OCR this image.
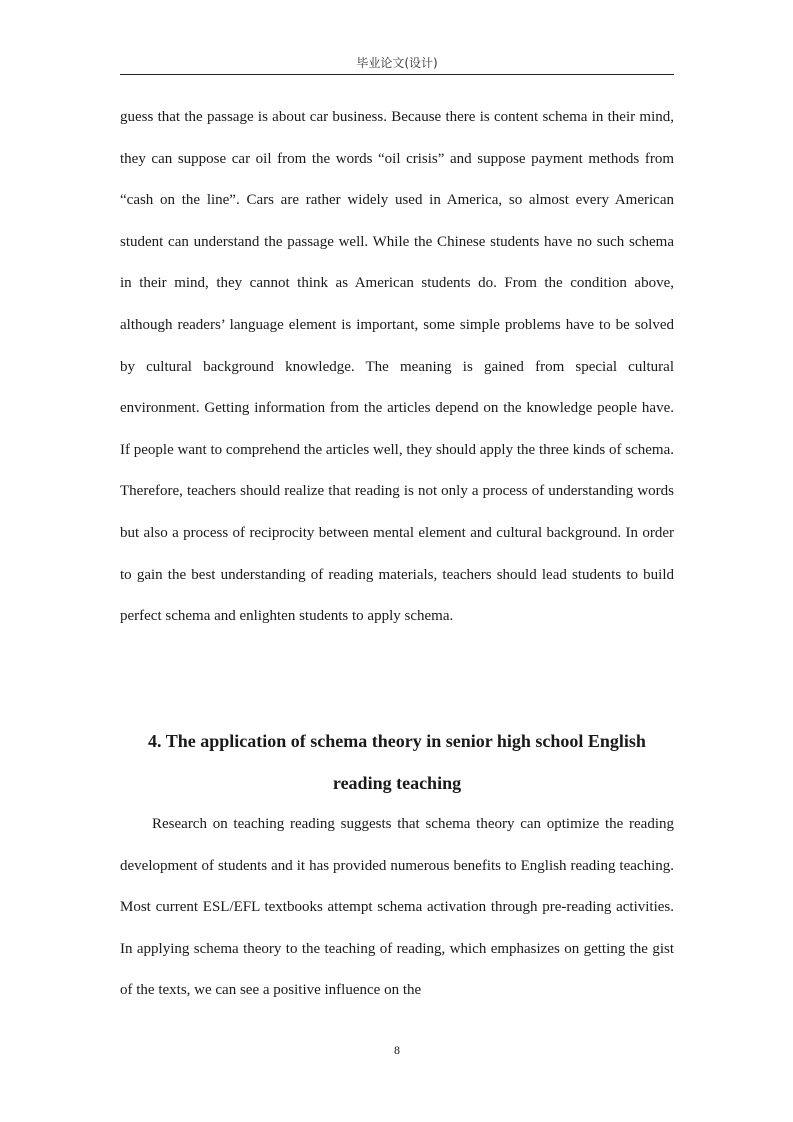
毕业论文(设计)

guess that the passage is about car business. Because there is content schema in their mind, they can suppose car oil from the words “oil crisis” and suppose payment methods from “cash on the line”. Cars are rather widely used in America, so almost every American student can understand the passage well. While the Chinese students have no such schema in their mind, they cannot think as American students do. From the condition above, although readers’ language element is important, some simple problems have to be solved by cultural background knowledge. The meaning is gained from special cultural environment. Getting information from the articles depend on the knowledge people have. If people want to comprehend the articles well, they should apply the three kinds of schema. Therefore, teachers should realize that reading is not only a process of understanding words but also a process of reciprocity between mental element and cultural background. In order to gain the best understanding of reading materials, teachers should lead students to build perfect schema and enlighten students to apply schema.

4. The application of schema theory in senior high school English
reading teaching

Research on teaching reading suggests that schema theory can optimize the reading development of students and it has provided numerous benefits to English reading teaching. Most current ESL/EFL textbooks attempt schema activation through pre-reading activities. In applying schema theory to the teaching of reading, which emphasizes on getting the gist of the texts, we can see a positive influence on the

8
